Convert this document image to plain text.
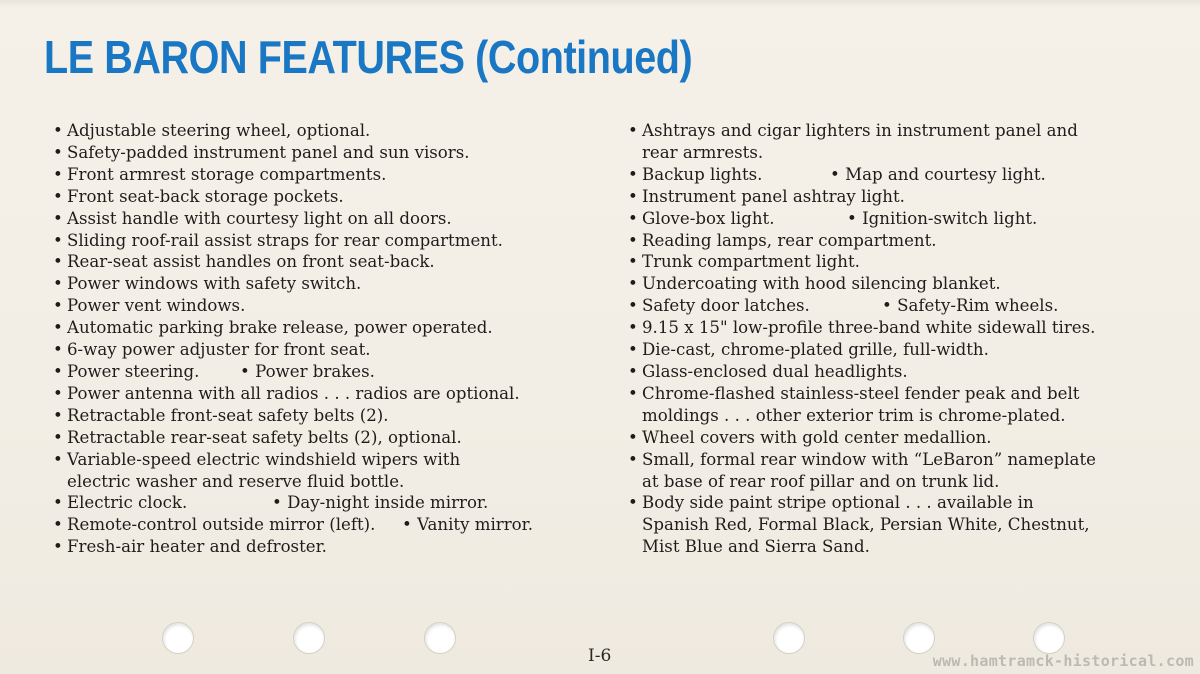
LE BARON FEATURES (Continued)
• Adjustable steering wheel, optional.
• Safety-padded instrument panel and sun visors.
• Front armrest storage compartments.
• Front seat-back storage pockets.
• Assist handle with courtesy light on all doors.
• Sliding roof-rail assist straps for rear compartment.
• Rear-seat assist handles on front seat-back.
• Power windows with safety switch.
• Power vent windows.
• Automatic parking brake release, power operated.
• 6-way power adjuster for front seat.
• Power steering. • Power brakes.
• Power antenna with all radios . . . radios are optional.
• Retractable front-seat safety belts (2).
• Retractable rear-seat safety belts (2), optional.
• Variable-speed electric windshield wipers with
electric washer and reserve fluid bottle.
• Electric clock.	• Day-night inside mirror.
• Remote-control outside mirror (left). • Vanity mirror.
• Fresh-air heater and defroster.
• Ashtrays and cigar lighters in instrument panel and
rear armrests.
• Backup lights.	• Map and courtesy light.
• Instrument panel ashtray light.
• Glove-box light.	• Ignition-switch light.
• Reading lamps, rear compartment.
• Trunk compartment light.
• Undercoating with hood silencing blanket.
• Safety door latches.	• Safety-Rim wheels.
• 9.15 x 15" low-profile three-band white sidewall tires.
• Die-cast, chrome-plated grille, full-width.
• Glass-enclosed dual headlights.
• Chrome-flashed stainless-steel fender peak and belt
moldings . . . other exterior trim is chrome-plated.
• Wheel covers with gold center medallion.
• Small, formal rear window with “LeBaron” nameplate
at base of rear roof pillar and on trunk lid.
• Body side paint stripe optional . . . available in
Spanish Red, Formal Black, Persian White, Chestnut,
Mist Blue and Sierra Sand.
I-6	www.hamtramck-historical.com
